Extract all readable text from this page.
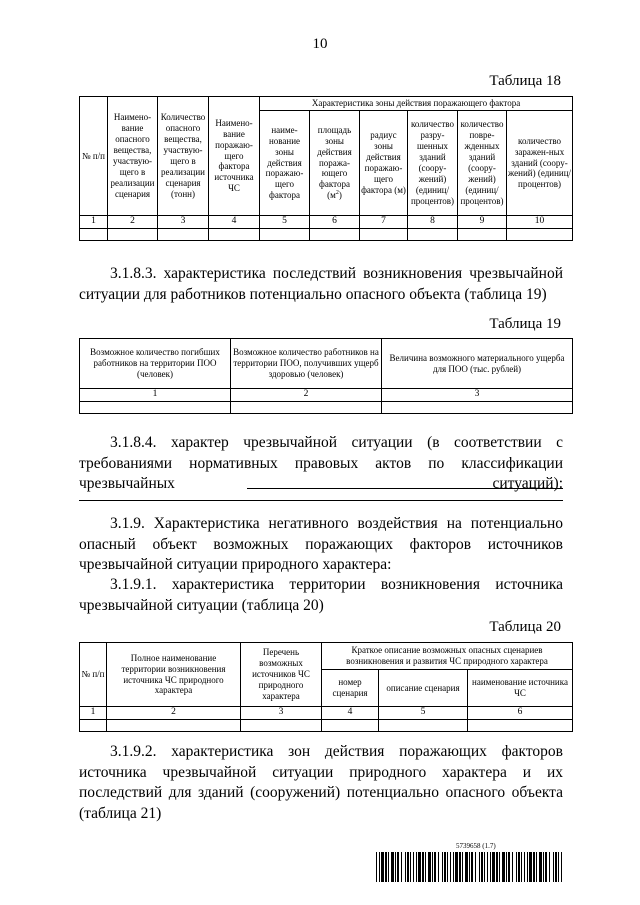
10
Таблица 18
№ п/п	Наимено-вание опасного вещества, участвую-щего в реализации сценария	Количество опасного вещества, участвую-щего в реализации сценария (тонн)	Наимено-вание поражаю-щего фактора источника ЧС	Характеристика зоны действия поражающего фактора					
				наиме-нование зоны действия поражаю-щего фактора	площадь зоны действия поража-ющего фактора $(м^2)$	радиус зоны действия поражаю-щего фактора (м)	количество разру-шенных зданий (соору-жений) (единиц/ процентов)	количество повре-жденных зданий (соору-жений) (единиц/ процентов)	количество заражен-ных зданий (соору-жений) (единиц/ процентов)
1	2	3	4	5	6	7	8	9	10

3.1.8.3. характеристика последствий возникновения чрезвычайной ситуации для работников потенциально опасного объекта (таблица 19)
Таблица 19
Возможное количество погибших работников на территории ПОО (человек)	Возможное количество работников на территории ПОО, получивших ущерб здоровью (человек)	Величина возможного материального ущерба для ПОО (тыс. рублей)
1	2	3

3.1.8.4. характер чрезвычайной ситуации (в соответствии с требованиями нормативных правовых актов по классификации чрезвычайных ситуаций):
3.1.9. Характеристика негативного воздействия на потенциально опасный объект возможных поражающих факторов источников чрезвычайной ситуации природного характера:
3.1.9.1. характеристика территории возникновения источника чрезвычайной ситуации (таблица 20)
Таблица 20
№ п/п	Полное наименование территории возникновения источника ЧС природного характера	Перечень возможных источников ЧС природного характера	Краткое описание возможных опасных сценариев возникновения и развития ЧС природного характера		
			номер сценария	описание сценария	наименование источника ЧС
1	2	3	4	5	6

3.1.9.2. характеристика зон действия поражающих факторов источника чрезвычайной ситуации природного характера и их последствий для зданий (сооружений) потенциально опасного объекта (таблица 21)
5739658 (1.7)
